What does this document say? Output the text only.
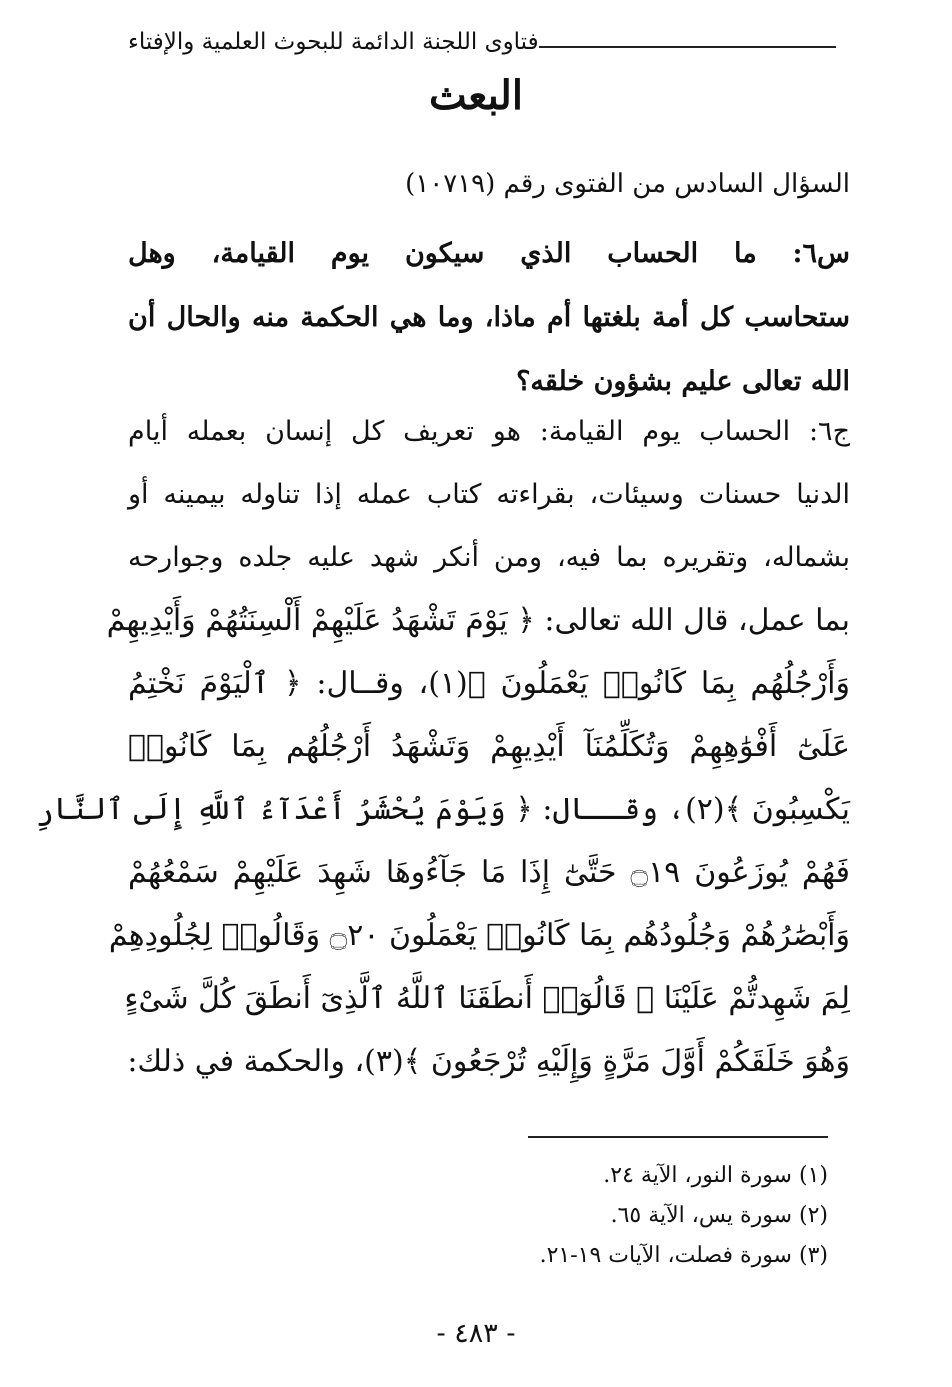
فتاوى اللجنة الدائمة للبحوث العلمية والإفتاء
البعث
السؤال السادس من الفتوى رقم (١٠٧١٩)
س٦: ما الحساب الذي سيكون يوم القيامة، وهل
ستحاسب كل أمة بلغتها أم ماذا، وما هي الحكمة منه والحال أن
الله تعالى عليم بشؤون خلقه؟
ج٦: الحساب يوم القيامة: هو تعريف كل إنسان بعمله أيام
الدنيا حسنات وسيئات، بقراءته كتاب عمله إذا تناوله بيمينه أو
بشماله، وتقريره بما فيه، ومن أنكر شهد عليه جلده وجوارحه
بما عمل، قال الله تعالى: ﴿ يَوْمَ تَشْهَدُ عَلَيْهِمْ أَلْسِنَتُهُمْ وَأَيْدِيهِمْ
وَأَرْجُلُهُم بِمَا كَانُوا۟ يَعْمَلُونَ ﴾(١)، وقــال: ﴿ ٱلْيَوْمَ نَخْتِمُ
عَلَىٰٓ أَفْوَٰهِهِمْ وَتُكَلِّمُنَآ أَيْدِيهِمْ وَتَشْهَدُ أَرْجُلُهُم بِمَا كَانُوا۟
يَكْسِبُونَ ﴾(٢)، وقــال: ﴿ وَيَوْمَ يُحْشَرُ أَعْدَآءُ ٱللَّهِ إِلَى ٱلنَّارِ
فَهُمْ يُوزَعُونَ ۝١٩ حَتَّىٰٓ إِذَا مَا جَآءُوهَا شَهِدَ عَلَيْهِمْ سَمْعُهُمْ
وَأَبْصَٰرُهُمْ وَجُلُودُهُم بِمَا كَانُوا۟ يَعْمَلُونَ ۝٢٠ وَقَالُوا۟ لِجُلُودِهِمْ
لِمَ شَهِدتُّمْ عَلَيْنَا ۖ قَالُوٓا۟ أَنطَقَنَا ٱللَّهُ ٱلَّذِىٓ أَنطَقَ كُلَّ شَىْءٍ
وَهُوَ خَلَقَكُمْ أَوَّلَ مَرَّةٍ وَإِلَيْهِ تُرْجَعُونَ ﴾(٣)، والحكمة في ذلك:
(١) سورة النور، الآية ٢٤.
(٢) سورة يس، الآية ٦٥.
(٣) سورة فصلت، الآيات ١٩-٢١.
- ٤٨٣ -
